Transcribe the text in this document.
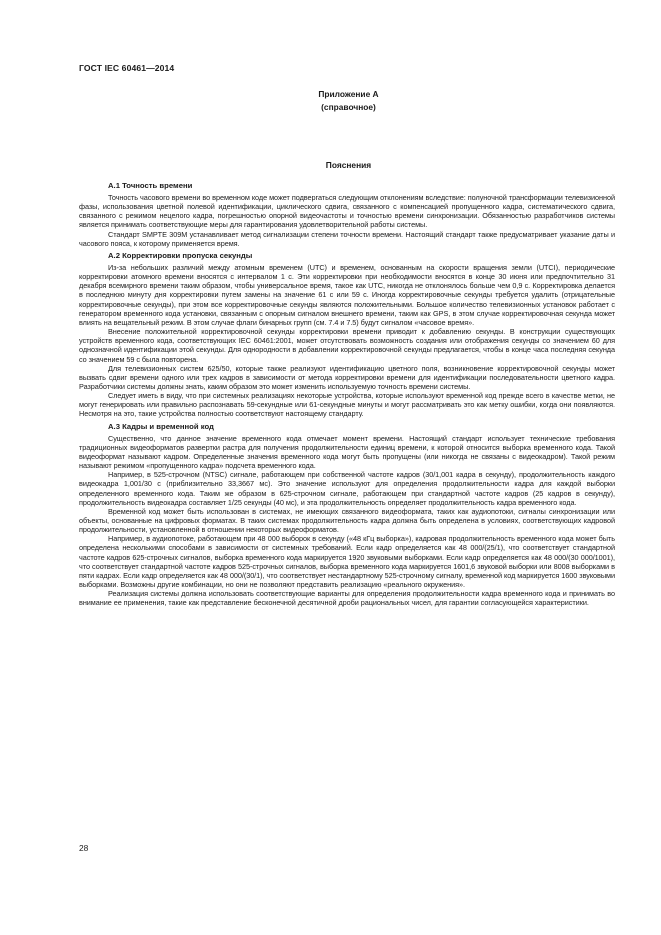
ГОСТ IEC 60461—2014
Приложение А
(справочное)
Пояснения
А.1 Точность времени

Точность часового времени во временном коде может подвергаться следующим отклонениям вследствие: полуночной трансформации телевизионной фазы, использования цветной полевой идентификации, циклического сдвига, связанного с компенсацией пропущенного кадра, систематического сдвига, связанного с режимом нецелого кадра, погрешностью опорной видеочастоты и точностью времени синхронизации. Обязанностью разработчиков системы является принимать соответствующие меры для гарантирования удовлетворительной работы системы.

Стандарт SMPTE 309M устанавливает метод сигнализации степени точности времени. Настоящий стандарт также предусматривает указание даты и часового пояса, к которому применяется время.

А.2 Корректировки пропуска секунды

Из-за небольших различий между атомным временем (UTC) и временем, основанным на скорости вращения земли (UTCI), периодические корректировки атомного времени вносятся с интервалом 1 с. Эти корректировки при необходимости вносятся в конце 30 июня или предпочтительно 31 декабря всемирного времени таким образом, чтобы универсальное время, такое как UTC, никогда не отклонялось больше чем 0,9 с. Корректировка делается в последнюю минуту дня корректировки путем замены на значение 61 с или 59 с. Иногда корректировочные секунды требуется удалить (отрицательные корректировочные секунды), при этом все корректировочные секунды являются положительными. Большое количество телевизионных установок работает с генератором временного кода установки, связанным с опорным сигналом внешнего времени, таким как GPS, в этом случае корректировочная секунда может влиять на вещательный режим. В этом случае флаги бинарных групп (см. 7.4 и 7.5) будут сигналом «часовое время».

Внесение положительной корректировочной секунды корректировки времени приводит к добавлению секунды. В конструкции существующих устройств временного кода, соответствующих IEC 60461:2001, может отсутствовать возможность создания или отображения секунды со значением 60 для однозначной идентификации этой секунды. Для однородности в добавлении корректировочной секунды предлагается, чтобы в конце часа последняя секунда со значением 59 с была повторена.

Для телевизионных систем 625/50, которые также реализуют идентификацию цветного поля, возникновение корректировочной секунды может вызвать сдвиг времени одного или трех кадров в зависимости от метода корректировки времени для идентификации последовательности цветного кадра. Разработчики системы должны знать, каким образом это может изменить используемую точность времени системы.

Следует иметь в виду, что при системных реализациях некоторые устройства, которые используют временной код прежде всего в качестве метки, не могут генерировать или правильно распознавать 59-секундные или 61-секундные минуты и могут рассматривать это как метку ошибки, когда они появляются. Несмотря на это, такие устройства полностью соответствуют настоящему стандарту.

А.3 Кадры и временной код

Существенно, что данное значение временного кода отмечает момент времени. Настоящий стандарт использует технические требования традиционных видеоформатов развертки растра для получения продолжительности единиц времени, к которой относится выборка временного кода. Такой видеоформат называют кадром. Определенные значения временного кода могут быть пропущены (или никогда не связаны с видеокадром). Такой режим называют режимом «пропущенного кадра» подсчета временного кода.

Например, в 525-строчном (NTSC) сигнале, работающем при собственной частоте кадров (30/1,001 кадра в секунду), продолжительность каждого видеокадра 1,001/30 с (приблизительно 33,3667 мс). Это значение используют для определения продолжительности кадра для каждой выборки определенного временного кода. Таким же образом в 625-строчном сигнале, работающем при стандартной частоте кадров (25 кадров в секунду), продолжительность видеокадра составляет 1/25 секунды (40 мс), и эта продолжительность определяет продолжительность кадра временного кода.

Временной код может быть использован в системах, не имеющих связанного видеоформата, таких как аудиопотоки, сигналы синхронизации или объекты, основанные на цифровых форматах. В таких системах продолжительность кадра должна быть определена в условиях, соответствующих кадровой продолжительности, установленной в отношении некоторых видеоформатов.

Например, в аудиопотоке, работающем при 48 000 выборок в секунду («48 кГц выборка»), кадровая продолжительность временного кода может быть определена несколькими способами в зависимости от системных требований. Если кадр определяется как 48 000/(25/1), что соответствует стандартной частоте кадров 625-строчных сигналов, выборка временного кода маркируется 1920 звуковыми выборками. Если кадр определяется как 48 000/(30 000/1001), что соответствует стандартной частоте кадров 525-строчных сигналов, выборка временного кода маркируется 1601,6 звуковой выборки или 8008 выборками в пяти кадрах. Если кадр определяется как 48 000/(30/1), что соответствует нестандартному 525-строчному сигналу, временной код маркируется 1600 звуковыми выборками. Возможны другие комбинации, но они не позволяют представить реализацию «реального окружения».

Реализация системы должна использовать соответствующие варианты для определения продолжительности кадра временного кода и принимать во внимание ее применения, такие как представление бесконечной десятичной дроби рациональных чисел, для гарантии согласующейся характеристики.

28
